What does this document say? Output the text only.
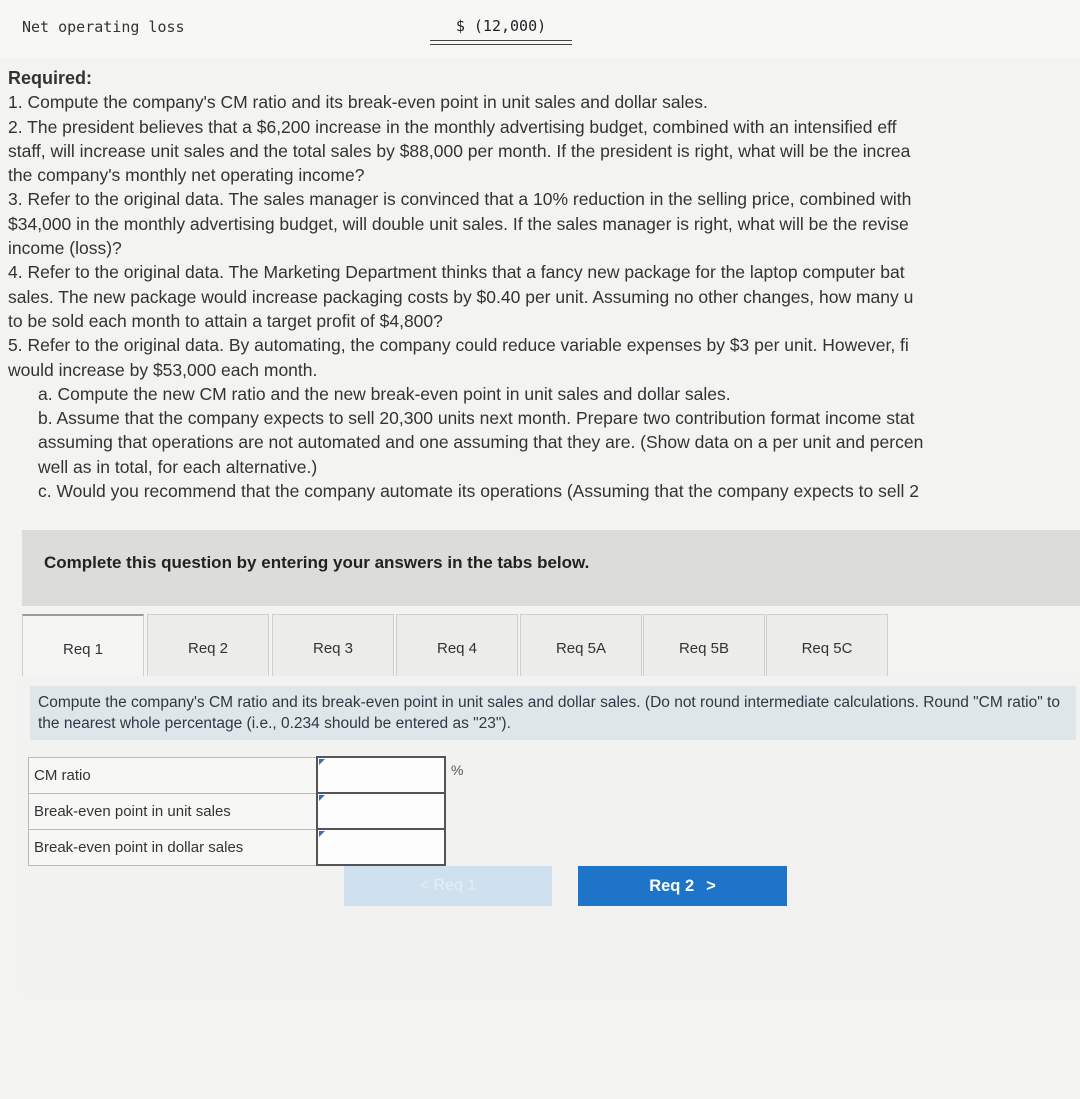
Net operating loss	$ (12,000)
Required:
1. Compute the company's CM ratio and its break-even point in unit sales and dollar sales.
2. The president believes that a $6,200 increase in the monthly advertising budget, combined with an intensified eff
staff, will increase unit sales and the total sales by $88,000 per month. If the president is right, what will be the increa
the company's monthly net operating income?
3. Refer to the original data. The sales manager is convinced that a 10% reduction in the selling price, combined with
$34,000 in the monthly advertising budget, will double unit sales. If the sales manager is right, what will be the revise
income (loss)?
4. Refer to the original data. The Marketing Department thinks that a fancy new package for the laptop computer bat
sales. The new package would increase packaging costs by $0.40 per unit. Assuming no other changes, how many u
to be sold each month to attain a target profit of $4,800?
5. Refer to the original data. By automating, the company could reduce variable expenses by $3 per unit. However, fi
would increase by $53,000 each month.
a. Compute the new CM ratio and the new break-even point in unit sales and dollar sales.
b. Assume that the company expects to sell 20,300 units next month. Prepare two contribution format income stat
assuming that operations are not automated and one assuming that they are. (Show data on a per unit and percen
well as in total, for each alternative.)
c. Would you recommend that the company automate its operations (Assuming that the company expects to sell 2
Complete this question by entering your answers in the tabs below.
Req 1	Req 2	Req 3	Req 4	Req 5A	Req 5B	Req 5C
Compute the company's CM ratio and its break-even point in unit sales and dollar sales. (Do not round intermediate calculations. Round "CM ratio" to the nearest whole percentage (i.e., 0.234 should be entered as "23").
CM ratio		%
Break-even point in unit sales		
Break-even point in dollar sales		
< Req 1	Req 2 >
